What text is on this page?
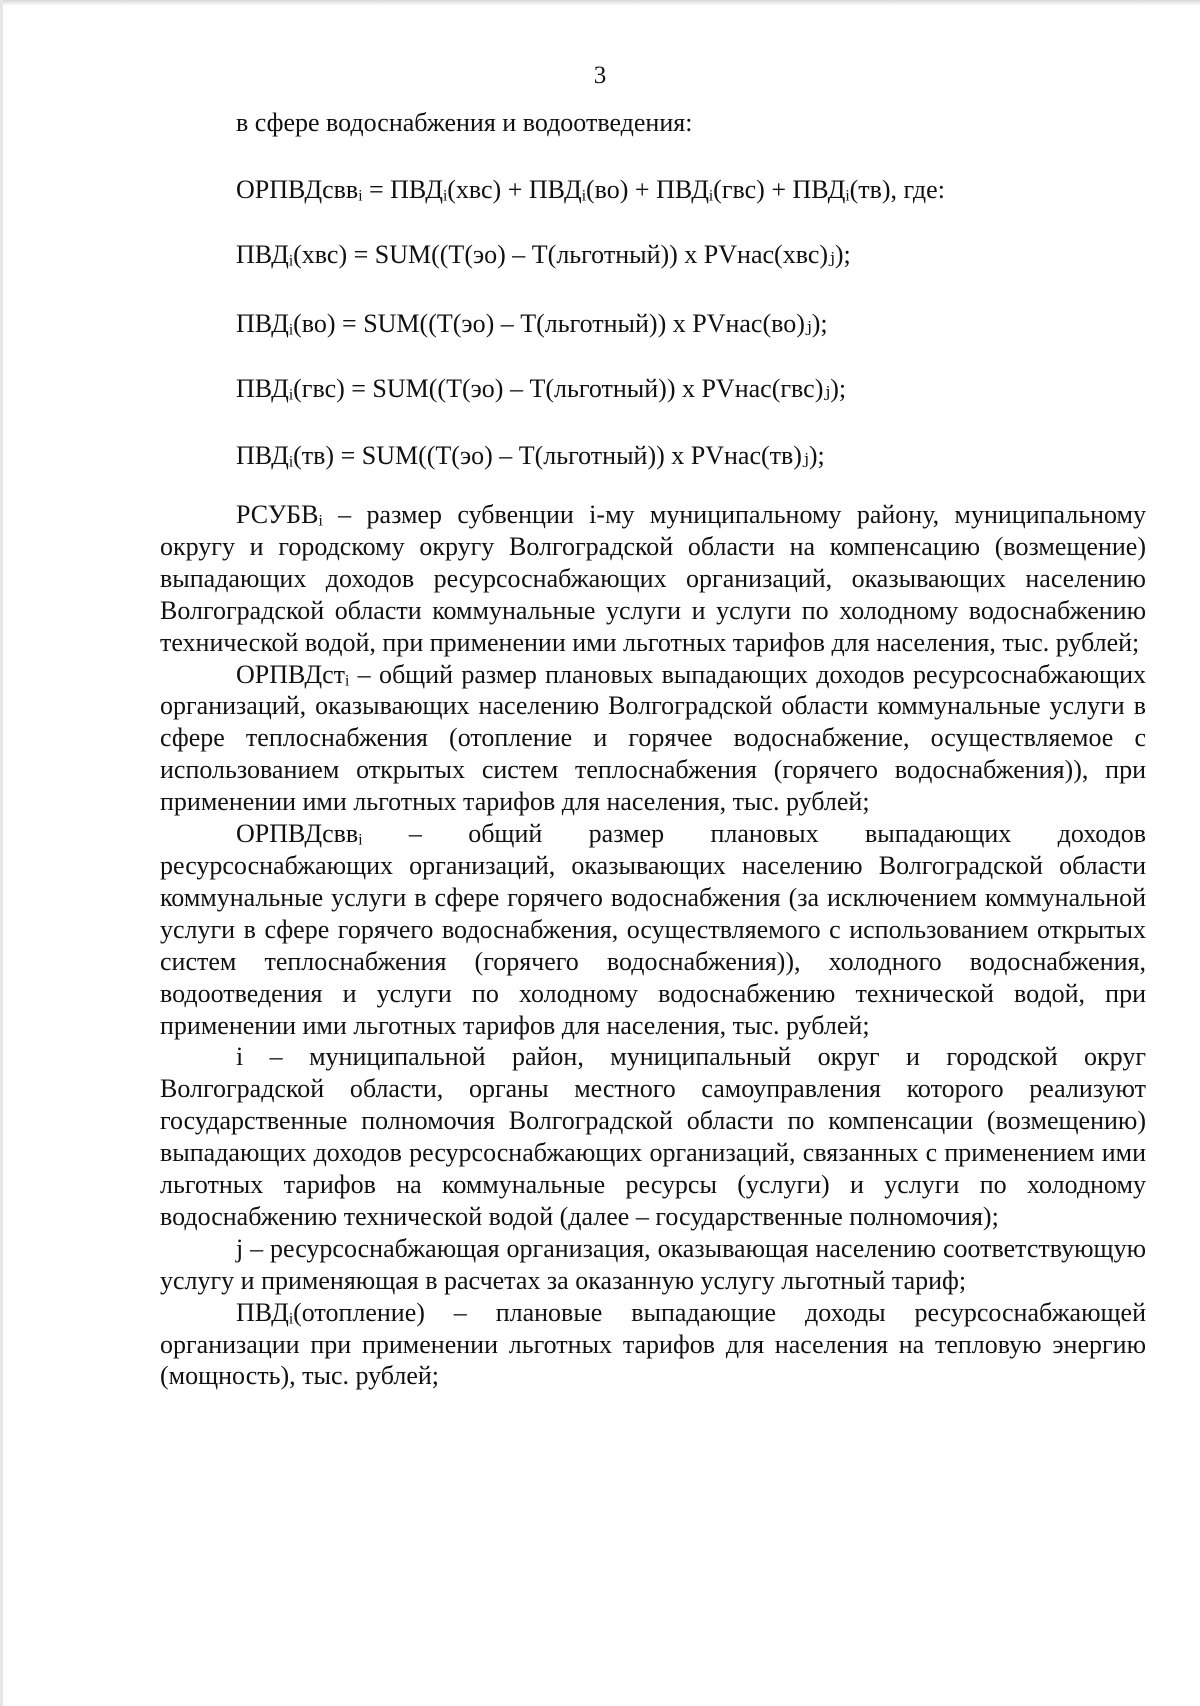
3
в сфере водоснабжения и водоотведения:
ОРПВДсввᵢ = ПВДᵢ(хвс) + ПВДᵢ(во) + ПВДᵢ(гвс) + ПВДᵢ(тв), где:
ПВДᵢ(хвс) = SUM((Т(эо) – Т(льготный)) х РVнас(хвс)ⱼ);
ПВДᵢ(во) = SUM((Т(эо) – Т(льготный)) х РVнас(во)ⱼ);
ПВДᵢ(гвс) = SUM((Т(эо) – Т(льготный)) х РVнас(гвс)ⱼ);
ПВДᵢ(тв) = SUM((Т(эо) – Т(льготный)) х РVнас(тв)ⱼ);

РСУБВᵢ – размер субвенции i-му муниципальному району, муниципальному округу и городскому округу Волгоградской области на компенсацию (возмещение) выпадающих доходов ресурсоснабжающих организаций, оказывающих населению Волгоградской области коммунальные услуги и услуги по холодному водоснабжению технической водой, при применении ими льготных тарифов для населения, тыс. рублей;

ОРПВДстᵢ – общий размер плановых выпадающих доходов ресурсоснабжающих организаций, оказывающих населению Волгоградской области коммунальные услуги в сфере теплоснабжения (отопление и горячее водоснабжение, осуществляемое с использованием открытых систем теплоснабжения (горячего водоснабжения)), при применении ими льготных тарифов для населения, тыс. рублей;

ОРПВДсввᵢ – общий размер плановых выпадающих доходов ресурсоснабжающих организаций, оказывающих населению Волгоградской области коммунальные услуги в сфере горячего водоснабжения (за исключением коммунальной услуги в сфере горячего водоснабжения, осуществляемого с использованием открытых систем теплоснабжения (горячего водоснабжения)), холодного водоснабжения, водоотведения и услуги по холодному водоснабжению технической водой, при применении ими льготных тарифов для населения, тыс. рублей;

i – муниципальной район, муниципальный округ и городской округ Волгоградской области, органы местного самоуправления которого реализуют государственные полномочия Волгоградской области по компенсации (возмещению) выпадающих доходов ресурсоснабжающих организаций, связанных с применением ими льготных тарифов на коммунальные ресурсы (услуги) и услуги по холодному водоснабжению технической водой (далее – государственные полномочия);

j – ресурсоснабжающая организация, оказывающая населению соответствующую услугу и применяющая в расчетах за оказанную услугу льготный тариф;

ПВДᵢ(отопление) – плановые выпадающие доходы ресурсоснабжающей организации при применении льготных тарифов для населения на тепловую энергию (мощность), тыс. рублей;
